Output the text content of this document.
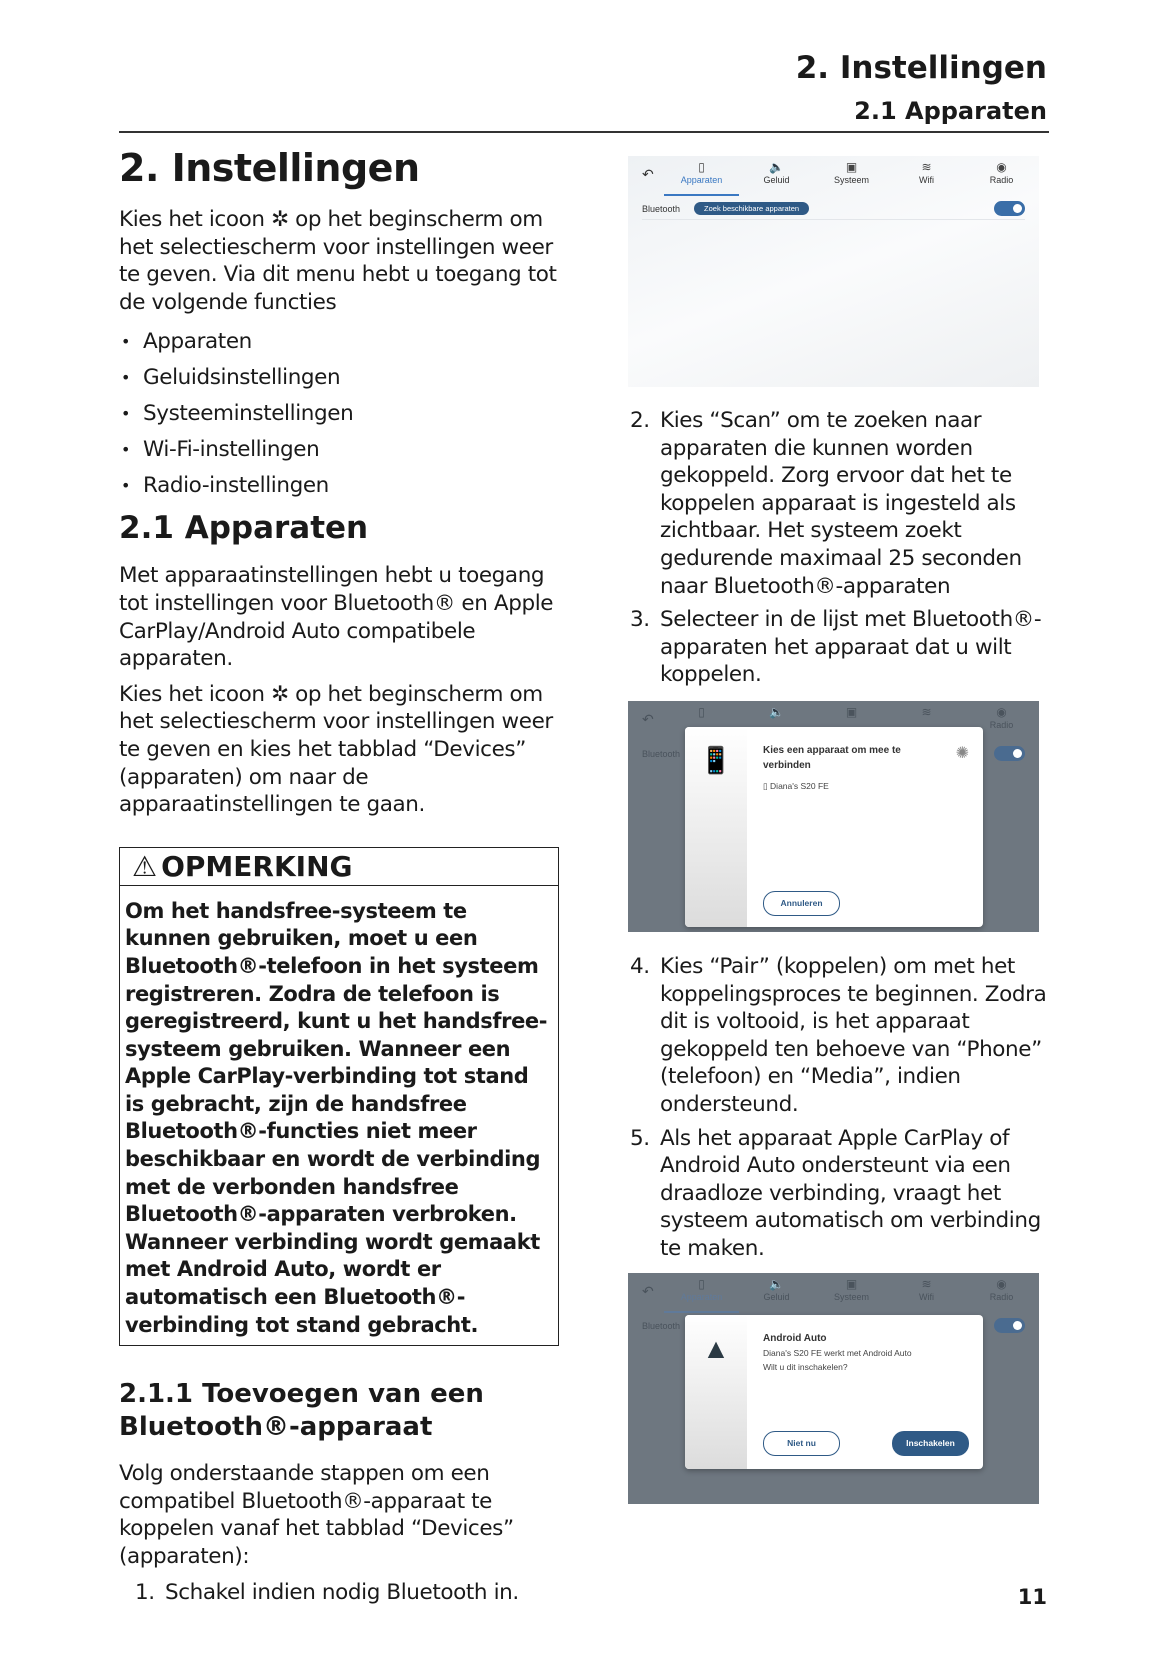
2. Instellingen
2.1 Apparaten
2. Instellingen

Kies het icoon ✲ op het beginscherm om het selectiescherm voor instellingen weer te geven. Via dit menu hebt u toegang tot de volgende functies

• Apparaten
• Geluidsinstellingen
• Systeeminstellingen
• Wi-Fi-instellingen
• Radio-instellingen
2.1 Apparaten

Met apparaatinstellingen hebt u toegang tot instellingen voor Bluetooth® en Apple CarPlay/Android Auto compatibele apparaten.

Kies het icoon ✲ op het beginscherm om het selectiescherm voor instellingen weer te geven en kies het tabblad “Devices” (apparaten) om naar de apparaatinstellingen te gaan.

⚠ OPMERKING
Om het handsfree-systeem te kunnen gebruiken, moet u een Bluetooth®-telefoon in het systeem registreren. Zodra de telefoon is geregistreerd, kunt u het handsfree-systeem gebruiken. Wanneer een Apple CarPlay-verbinding tot stand is gebracht, zijn de handsfree Bluetooth®-functies niet meer beschikbaar en wordt de verbinding met de verbonden handsfree Bluetooth®-apparaten verbroken. Wanneer verbinding wordt gemaakt met Android Auto, wordt er automatisch een Bluetooth®-verbinding tot stand gebracht.
2.1.1 Toevoegen van een Bluetooth®-apparaat

Volg onderstaande stappen om een compatibel Bluetooth®-apparaat te koppelen vanaf het tabblad “Devices” (apparaten):

1. Schakel indien nodig Bluetooth in.
↶	▯
Apparaten
🔈
Geluid
▣
Systeem
≋
Wifi
◉
Radio
Bluetooth	Zoek beschikbare apparaten
2. Kies “Scan” om te zoeken naar apparaten die kunnen worden gekoppeld. Zorg ervoor dat het te koppelen apparaat is ingesteld als zichtbaar. Het systeem zoekt gedurende maximaal 25 seconden naar Bluetooth®-apparaten
3. Selecteer in de lijst met Bluetooth®-apparaten het apparaat dat u wilt koppelen.
↶	▯	🔈	▣	≋	◉
Radio
Bluetooth 📱	Kies een apparaat om mee te verbinden
✺
▯ Diana's S20 FE
Annuleren
4. Kies “Pair” (koppelen) om met het koppelingsproces te beginnen. Zodra dit is voltooid, is het apparaat gekoppeld ten behoeve van “Phone” (telefoon) en “Media”, indien ondersteund.
5. Als het apparaat Apple CarPlay of Android Auto ondersteunt via een draadloze verbinding, vraagt het systeem automatisch om verbinding te maken.
↶	▯
Apparaten
🔈
Geluid
▣
Systeem
≋
Wifi
◉
Radio
Bluetooth
▲	Android Auto
Diana's S20 FE werkt met Android Auto
Wilt u dit inschakelen?
Niet nu	Inschakelen
11
